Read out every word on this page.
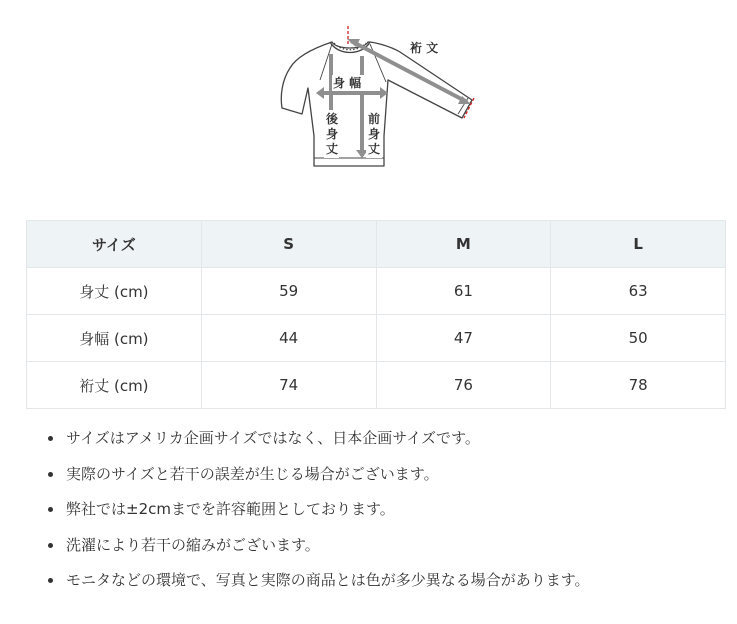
裄 文
身 幅
後
身
丈
前
身
丈
サイズ	S	M	L
身丈 (cm)	59	61	63
身幅 (cm)	44	47	50
裄丈 (cm)	74	76	78
サイズはアメリカ企画サイズではなく、日本企画サイズです。
実際のサイズと若干の誤差が生じる場合がございます。
弊社では±2cmまでを許容範囲としております。
洗濯により若干の縮みがございます。
モニタなどの環境で、写真と実際の商品とは色が多少異なる場合があります。
